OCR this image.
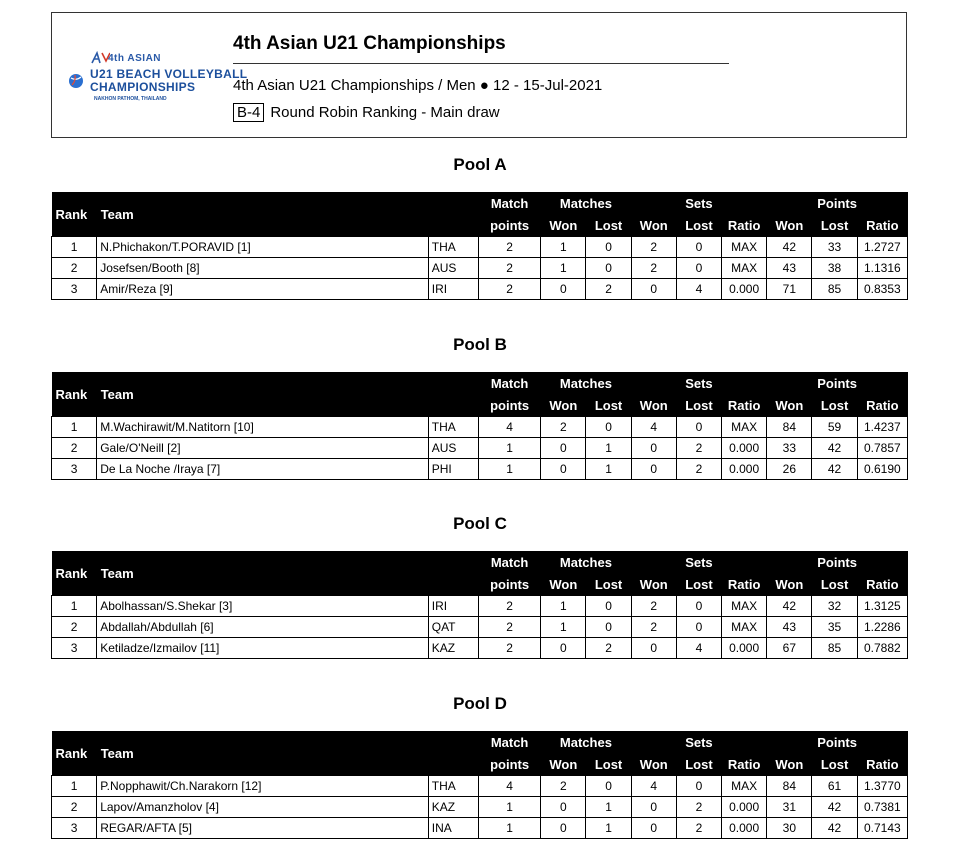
4th ASIAN
U21 BEACH VOLLEYBALL
CHAMPIONSHIPS
NAKHON PATHOM, THAILAND
4th Asian U21 Championships
4th Asian U21 Championships / Men ● 12 - 15-Jul-2021
B-4 Round Robin Ranking - Main draw
Pool A
Rank	Team		Match	Matches		Sets			Points		
			points	Won	Lost	Won	Lost	Ratio	Won	Lost	Ratio
1	N.Phichakon/T.PORAVID [1]	THA	2	1	0	2	0	MAX	42	33	1.2727
2	Josefsen/Booth [8]	AUS	2	1	0	2	0	MAX	43	38	1.1316
3	Amir/Reza [9]	IRI	2	0	2	0	4	0.000	71	85	0.8353
Pool B
Rank	Team		Match	Matches		Sets			Points		
			points	Won	Lost	Won	Lost	Ratio	Won	Lost	Ratio
1	M.Wachirawit/M.Natitorn [10]	THA	4	2	0	4	0	MAX	84	59	1.4237
2	Gale/O'Neill [2]	AUS	1	0	1	0	2	0.000	33	42	0.7857
3	De La Noche /Iraya [7]	PHI	1	0	1	0	2	0.000	26	42	0.6190
Pool C
Rank	Team		Match	Matches		Sets			Points		
			points	Won	Lost	Won	Lost	Ratio	Won	Lost	Ratio
1	Abolhassan/S.Shekar [3]	IRI	2	1	0	2	0	MAX	42	32	1.3125
2	Abdallah/Abdullah [6]	QAT	2	1	0	2	0	MAX	43	35	1.2286
3	Ketiladze/Izmailov [11]	KAZ	2	0	2	0	4	0.000	67	85	0.7882
Pool D
Rank	Team		Match	Matches		Sets			Points		
			points	Won	Lost	Won	Lost	Ratio	Won	Lost	Ratio
1	P.Nopphawit/Ch.Narakorn [12]	THA	4	2	0	4	0	MAX	84	61	1.3770
2	Lapov/Amanzholov [4]	KAZ	1	0	1	0	2	0.000	31	42	0.7381
3	REGAR/AFTA [5]	INA	1	0	1	0	2	0.000	30	42	0.7143
